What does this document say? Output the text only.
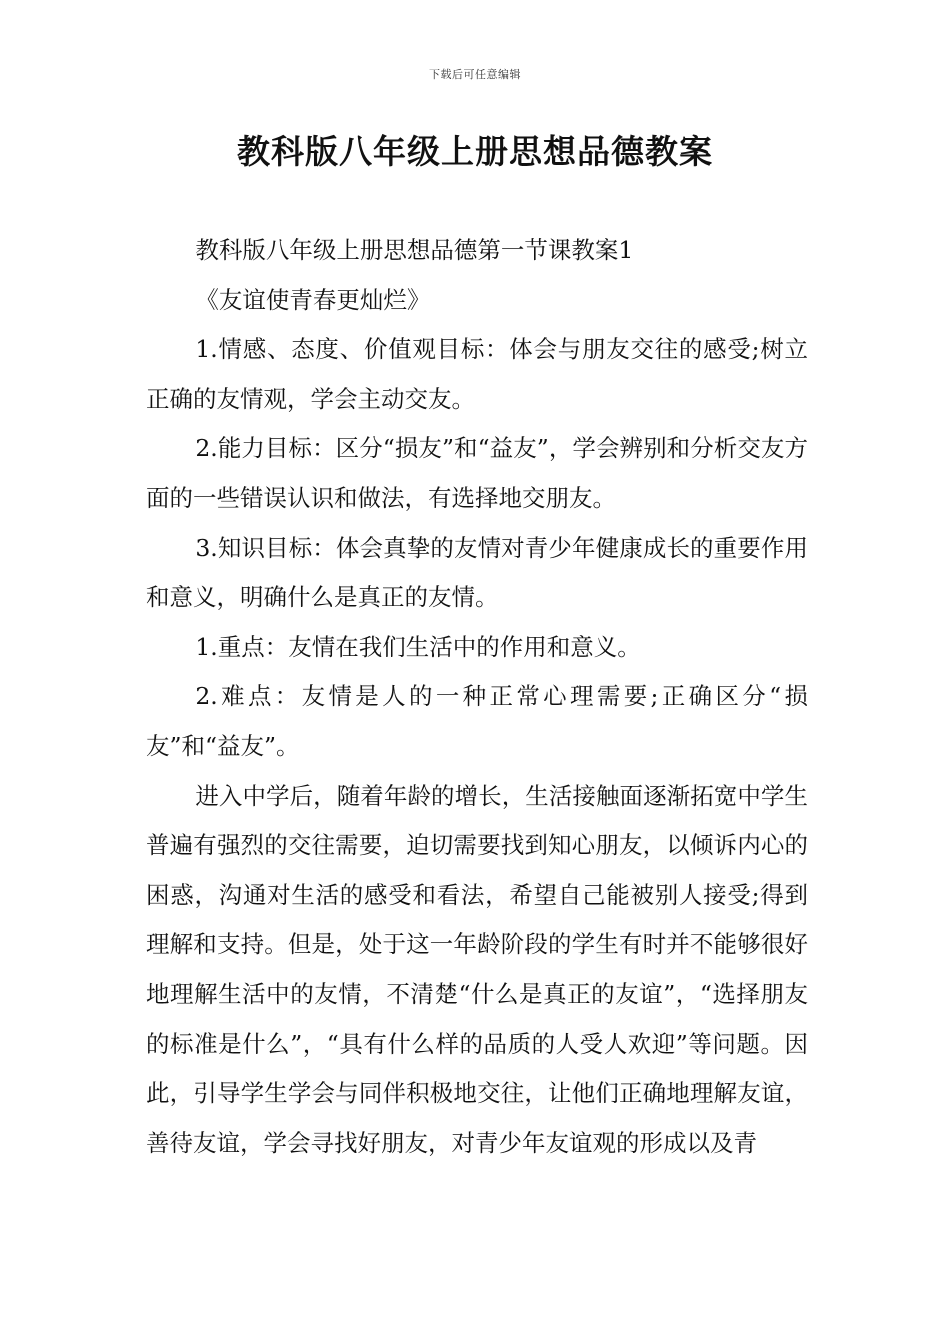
下载后可任意编辑
教科版八年级上册思想品德教案

教科版八年级上册思想品德第一节课教案1

《友谊使青春更灿烂》

1.情感、态度、价值观目标：体会与朋友交往的感受;树立正确的友情观，学会主动交友。

2.能力目标：区分“损友”和“益友”，学会辨别和分析交友方面的一些错误认识和做法，有选择地交朋友。

3.知识目标：体会真挚的友情对青少年健康成长的重要作用和意义，明确什么是真正的友情。

1.重点：友情在我们生活中的作用和意义。

2.难点：友情是人的一种正常心理需要;正确区分“损友”和“益友”。

进入中学后，随着年龄的增长，生活接触面逐渐拓宽中学生普遍有强烈的交往需要，迫切需要找到知心朋友，以倾诉内心的困惑，沟通对生活的感受和看法，希望自己能被别人接受;得到理解和支持。但是，处于这一年龄阶段的学生有时并不能够很好地理解生活中的友情，不清楚“什么是真正的友谊”，“选择朋友的标准是什么”，“具有什么样的品质的人受人欢迎”等问题。因此，引导学生学会与同伴积极地交往，让他们正确地理解友谊，善待友谊，学会寻找好朋友，对青少年友谊观的形成以及青
